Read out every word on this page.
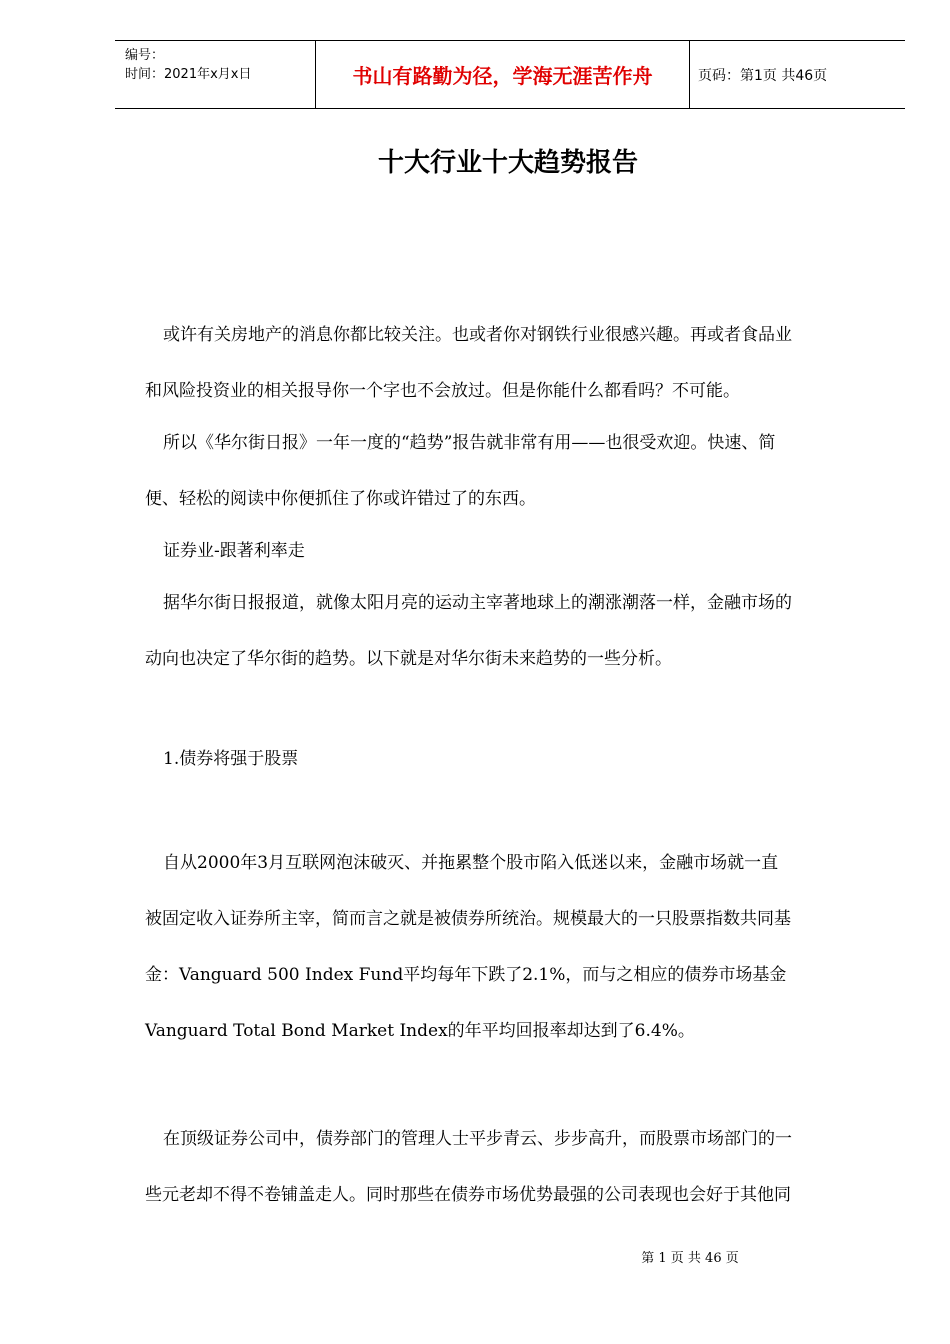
编号：
时间：2021年x月x日	书山有路勤为径，学海无涯苦作舟	页码：第1页 共46页
十大行业十大趋势报告
或许有关房地产的消息你都比较关注。也或者你对钢铁行业很感兴趣。再或者食品业
和风险投资业的相关报导你一个字也不会放过。但是你能什么都看吗？不可能。
所以《华尔街日报》一年一度的“趋势”报告就非常有用——也很受欢迎。快速、简
便、轻松的阅读中你便抓住了你或许错过了的东西。
证券业-跟著利率走
据华尔街日报报道，就像太阳月亮的运动主宰著地球上的潮涨潮落一样，金融市场的
动向也决定了华尔街的趋势。以下就是对华尔街未来趋势的一些分析。
1.债券将强于股票
自从2000年3月互联网泡沫破灭、并拖累整个股市陷入低迷以来，金融市场就一直
被固定收入证券所主宰，简而言之就是被债券所统治。规模最大的一只股票指数共同基
金：Vanguard 500 Index Fund平均每年下跌了2.1%，而与之相应的债券市场基金
Vanguard Total Bond Market Index的年平均回报率却达到了6.4%。
在顶级证券公司中，债券部门的管理人士平步青云、步步高升，而股票市场部门的一
些元老却不得不卷铺盖走人。同时那些在债券市场优势最强的公司表现也会好于其他同
第 1 页 共 46 页
